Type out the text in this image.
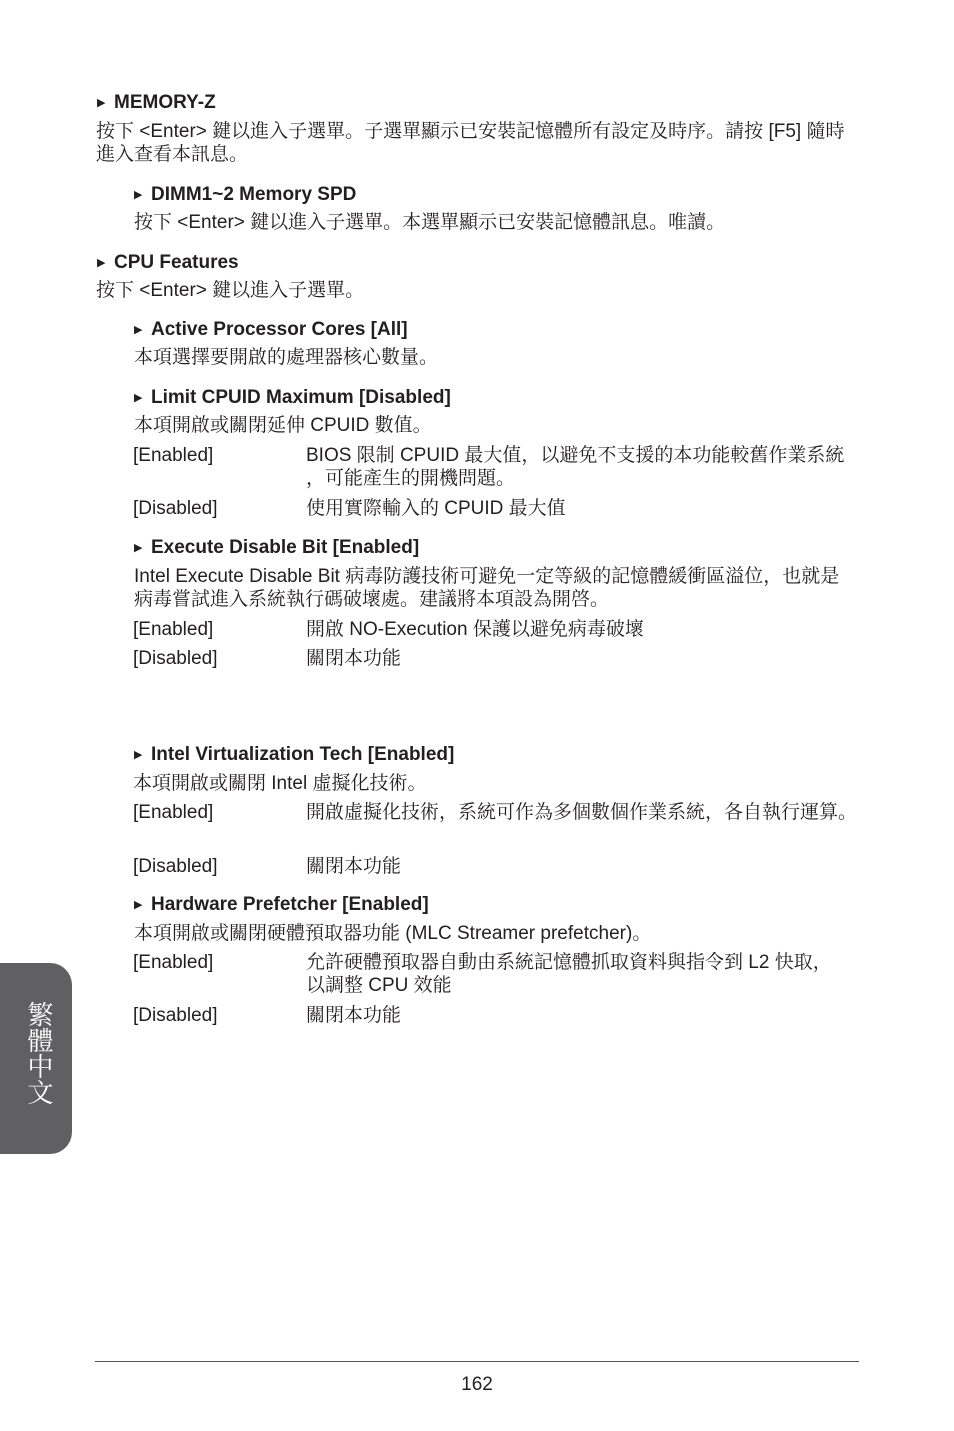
▶ MEMORY-Z
按下 <Enter> 鍵以進入子選單。子選單顯示已安裝記憶體所有設定及時序。請按 [F5] 隨時進入查看本訊息。
▶ DIMM1~2 Memory SPD
按下 <Enter> 鍵以進入子選單。本選單顯示已安裝記憶體訊息。唯讀。
▶ CPU Features
按下 <Enter> 鍵以進入子選單。
▶ Active Processor Cores [All]
本項選擇要開啟的處理器核心數量。
▶ Limit CPUID Maximum [Disabled]
本項開啟或關閉延伸 CPUID 數值。
[Enabled]	BIOS 限制 CPUID 最大值，以避免不支援的本功能較舊作業系統 ，可能產生的開機問題。
[Disabled]	使用實際輸入的 CPUID 最大值
▶ Execute Disable Bit [Enabled]
Intel Execute Disable Bit 病毒防護技術可避免一定等級的記憶體緩衝區溢位，也就是病毒嘗試進入系統執行碼破壞處。建議將本項設為開啓。
[Enabled]	開啟 NO-Execution 保護以避免病毒破壞
[Disabled]	關閉本功能
▶ Intel Virtualization Tech [Enabled]
本項開啟或關閉 Intel 虛擬化技術。
[Enabled]	開啟虛擬化技術，系統可作為多個數個作業系統，各自執行運算。
[Disabled]	關閉本功能
▶ Hardware Prefetcher [Enabled]
本項開啟或關閉硬體預取器功能 (MLC Streamer prefetcher)。
[Enabled]	允許硬體預取器自動由系統記憶體抓取資料與指令到 L2 快取，以調整 CPU 效能
[Disabled]	關閉本功能
繁體中文
162
